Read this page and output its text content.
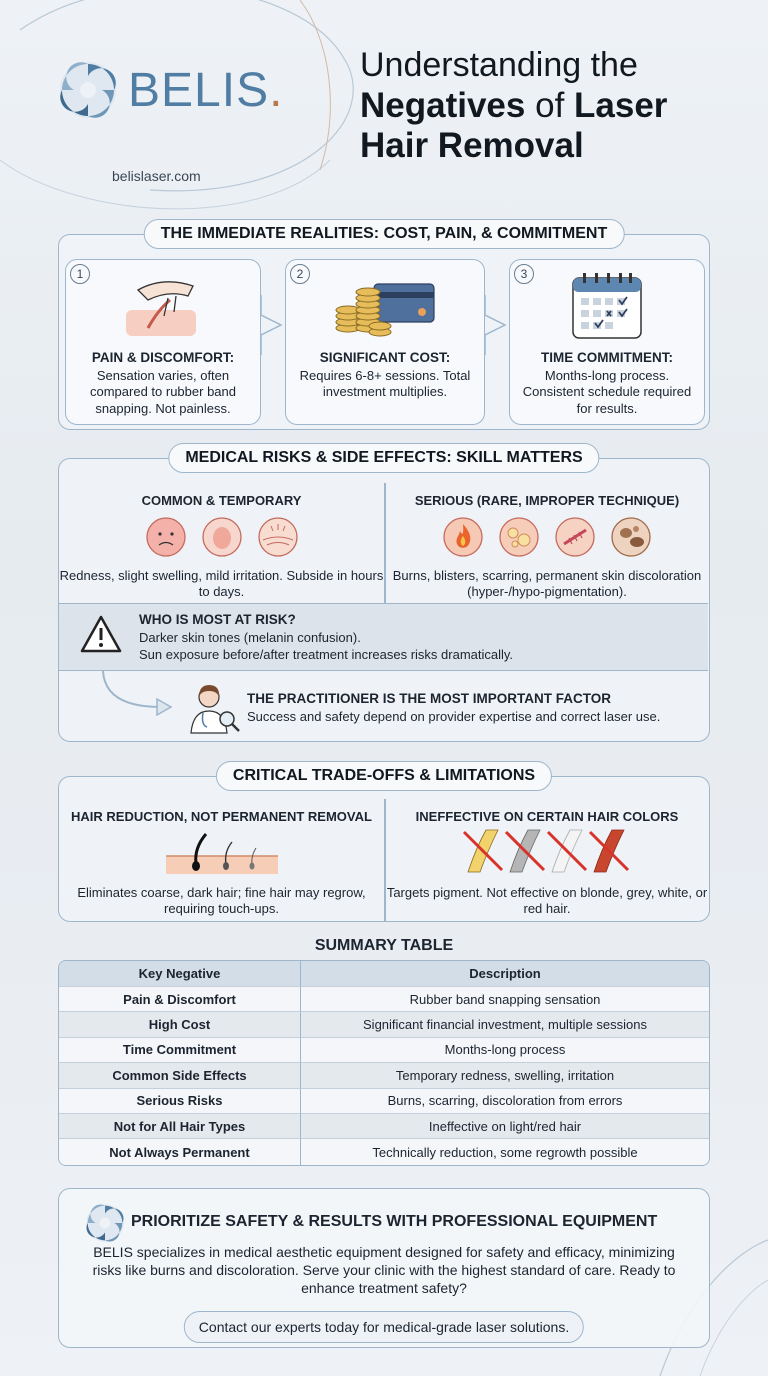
BELIS.
belislaser.com
Understanding the
Negatives of Laser
Hair Removal
THE IMMEDIATE REALITIES: COST, PAIN, & COMMITMENT
1
PAIN & DISCOMFORT:

Sensation varies, often compared to rubber band snapping. Not painless.

2
SIGNIFICANT COST:

Requires 6-8+ sessions. Total investment multiplies.

3
TIME COMMITMENT:

Months-long process. Consistent schedule required for results.

MEDICAL RISKS & SIDE EFFECTS: SKILL MATTERS
COMMON & TEMPORARY

Redness, slight swelling, mild irritation. Subside in hours to days.

SERIOUS (RARE, IMPROPER TECHNIQUE)

Burns, blisters, scarring, permanent skin discoloration (hyper-/hypo-pigmentation).

WHO IS MOST AT RISK?

Darker skin tones (melanin confusion).
Sun exposure before/after treatment increases risks dramatically.

THE PRACTITIONER IS THE MOST IMPORTANT FACTOR

Success and safety depend on provider expertise and correct laser use.

CRITICAL TRADE-OFFS & LIMITATIONS
HAIR REDUCTION, NOT PERMANENT REMOVAL

Eliminates coarse, dark hair; fine hair may regrow, requiring touch-ups.

INEFFECTIVE ON CERTAIN HAIR COLORS

Targets pigment. Not effective on blonde, grey, white, or red hair.

SUMMARY TABLE
Key Negative	Description
Pain & Discomfort	Rubber band snapping sensation
High Cost	Significant financial investment, multiple sessions
Time Commitment	Months-long process
Common Side Effects	Temporary redness, swelling, irritation
Serious Risks	Burns, scarring, discoloration from errors
Not for All Hair Types	Ineffective on light/red hair
Not Always Permanent	Technically reduction, some regrowth possible
PRIORITIZE SAFETY & RESULTS WITH PROFESSIONAL EQUIPMENT
BELIS specializes in medical aesthetic equipment designed for safety and efficacy, minimizing risks like burns and discoloration. Serve your clinic with the highest standard of care. Ready to enhance treatment safety?
Contact our experts today for medical-grade laser solutions.
